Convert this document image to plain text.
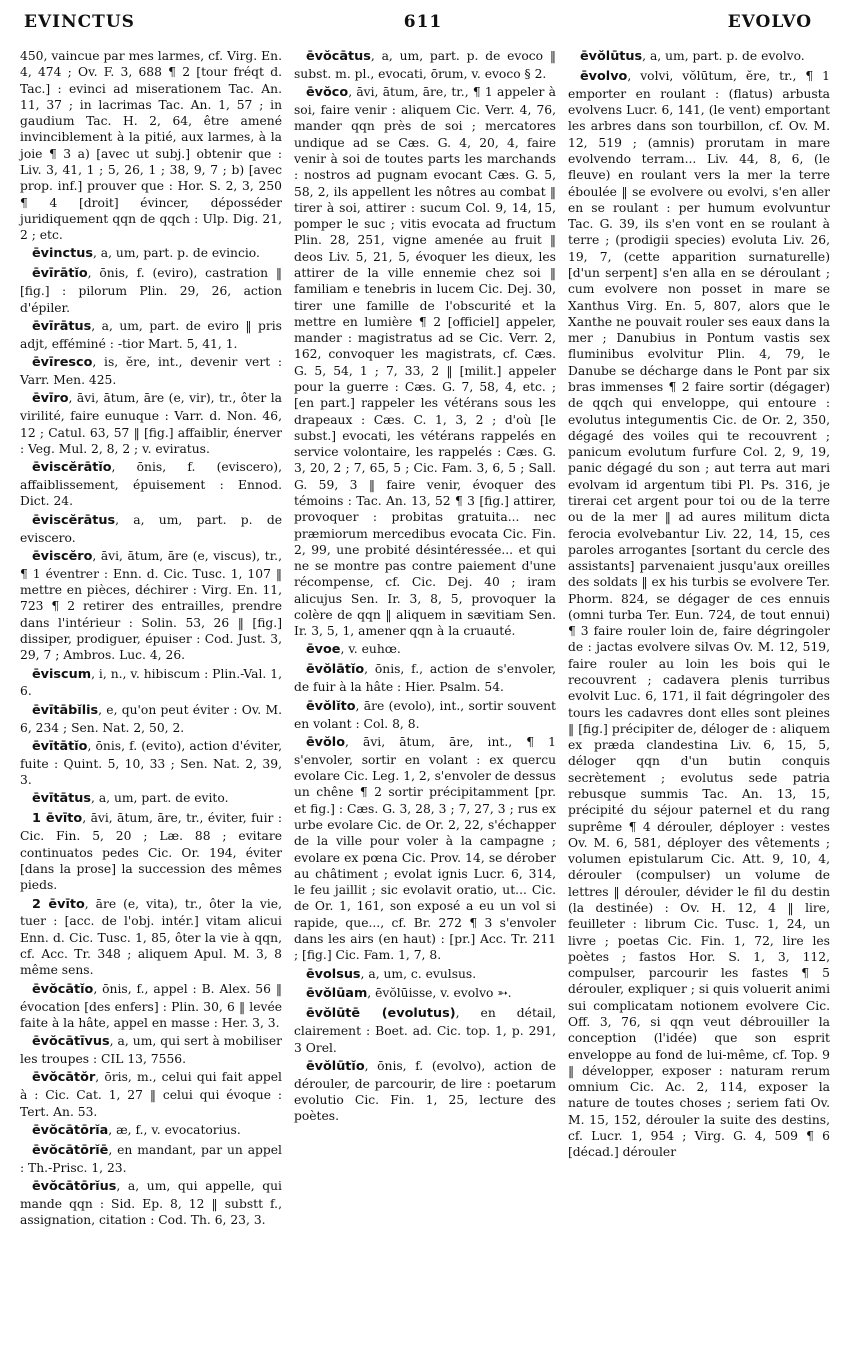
EVINCTUS	611	EVOLVO

450, vaincue par mes larmes, cf. Virg. En. 4, 474 ; Ov. F. 3, 688 ¶ 2 [tour fréqt d. Tac.] : evinci ad miserationem Tac. An. 11, 37 ; in lacrimas Tac. An. 1, 57 ; in gaudium Tac. H. 2, 64, être amené invinciblement à la pitié, aux larmes, à la joie ¶ 3 a) [avec ut subj.] obtenir que : Liv. 3, 41, 1 ; 5, 26, 1 ; 38, 9, 7 ; b) [avec prop. inf.] prouver que : Hor. S. 2, 3, 250 ¶ 4 [droit] évincer, déposséder juridiquement qqn de qqch : Ulp. Dig. 21, 2 ; etc.

ēvinctus, a, um, part. p. de evincio.

ēvīrātĭo, ōnis, f. (eviro), castration ‖ [fig.] : pilorum Plin. 29, 26, action d'épiler.

ēvīrātus, a, um, part. de eviro ‖ pris adjt, efféminé : -tior Mart. 5, 41, 1.

ēvīresco, is, ĕre, int., devenir vert : Varr. Men. 425.

ēvīro, āvi, ātum, āre (e, vir), tr., ôter la virilité, faire eunuque : Varr. d. Non. 46, 12 ; Catul. 63, 57 ‖ [fig.] affaiblir, énerver : Veg. Mul. 2, 8, 2 ; v. eviratus.

ēviscĕrātĭo, ōnis, f. (eviscero), affaiblissement, épuisement : Ennod. Dict. 24.

ēviscĕrātus, a, um, part. p. de eviscero.

ēviscĕro, āvi, ātum, āre (e, viscus), tr., ¶ 1 éventrer : Enn. d. Cic. Tusc. 1, 107 ‖ mettre en pièces, déchirer : Virg. En. 11, 723 ¶ 2 retirer des entrailles, prendre dans l'intérieur : Solin. 53, 26 ‖ [fig.] dissiper, prodiguer, épuiser : Cod. Just. 3, 29, 7 ; Ambros. Luc. 4, 26.

ēviscum, i, n., v. hibiscum : Plin.-Val. 1, 6.

ēvītābĭlis, e, qu'on peut éviter : Ov. M. 6, 234 ; Sen. Nat. 2, 50, 2.

ēvītātĭo, ōnis, f. (evito), action d'éviter, fuite : Quint. 5, 10, 33 ; Sen. Nat. 2, 39, 3.

ēvītātus, a, um, part. de evito.

1 ēvīto, āvi, ātum, āre, tr., éviter, fuir : Cic. Fin. 5, 20 ; Læ. 88 ; evitare continuatos pedes Cic. Or. 194, éviter [dans la prose] la succession des mêmes pieds.

2 ēvīto, āre (e, vita), tr., ôter la vie, tuer : [acc. de l'obj. intér.] vitam alicui Enn. d. Cic. Tusc. 1, 85, ôter la vie à qqn, cf. Acc. Tr. 348 ; aliquem Apul. M. 3, 8 même sens.

ēvŏcātĭo, ōnis, f., appel : B. Alex. 56 ‖ évocation [des enfers] : Plin. 30, 6 ‖ levée faite à la hâte, appel en masse : Her. 3, 3.

ēvŏcātīvus, a, um, qui sert à mobiliser les troupes : CIL 13, 7556.

ēvŏcātŏr, ōris, m., celui qui fait appel à : Cic. Cat. 1, 27 ‖ celui qui évoque : Tert. An. 53.

ēvŏcātōrĭa, æ, f., v. evocatorius.

ēvŏcātōrĭē, en mandant, par un appel : Th.-Prisc. 1, 23.

ēvŏcātōrĭus, a, um, qui appelle, qui mande qqn : Sid. Ep. 8, 12 ‖ substt f., assignation, citation : Cod. Th. 6, 23, 3.

ēvŏcātus, a, um, part. p. de evoco ‖ subst. m. pl., evocati, ōrum, v. evoco § 2.

ēvŏco, āvi, ātum, āre, tr., ¶ 1 appeler à soi, faire venir : aliquem Cic. Verr. 4, 76, mander qqn près de soi ; mercatores undique ad se Cæs. G. 4, 20, 4, faire venir à soi de toutes parts les marchands : nostros ad pugnam evocant Cæs. G. 5, 58, 2, ils appellent les nôtres au combat ‖ tirer à soi, attirer : sucum Col. 9, 14, 15, pomper le suc ; vitis evocata ad fructum Plin. 28, 251, vigne amenée au fruit ‖ deos Liv. 5, 21, 5, évoquer les dieux, les attirer de la ville ennemie chez soi ‖ familiam e tenebris in lucem Cic. Dej. 30, tirer une famille de l'obscurité et la mettre en lumière ¶ 2 [officiel] appeler, mander : magistratus ad se Cic. Verr. 2, 162, convoquer les magistrats, cf. Cæs. G. 5, 54, 1 ; 7, 33, 2 ‖ [milit.] appeler pour la guerre : Cæs. G. 7, 58, 4, etc. ; [en part.] rappeler les vétérans sous les drapeaux : Cæs. C. 1, 3, 2 ; d'où [le subst.] evocati, les vétérans rappelés en service volontaire, les rappelés : Cæs. G. 3, 20, 2 ; 7, 65, 5 ; Cic. Fam. 3, 6, 5 ; Sall. G. 59, 3 ‖ faire venir, évoquer des témoins : Tac. An. 13, 52 ¶ 3 [fig.] attirer, provoquer : probitas gratuita... nec præmiorum mercedibus evocata Cic. Fin. 2, 99, une probité désintéressée... et qui ne se montre pas contre paiement d'une récompense, cf. Cic. Dej. 40 ; iram alicujus Sen. Ir. 3, 8, 5, provoquer la colère de qqn ‖ aliquem in sævitiam Sen. Ir. 3, 5, 1, amener qqn à la cruauté.

ēvoe, v. euhœ.

ēvŏlātĭo, ōnis, f., action de s'envoler, de fuir à la hâte : Hier. Psalm. 54.

ēvŏlĭto, āre (evolo), int., sortir souvent en volant : Col. 8, 8.

ēvŏlo, āvi, ātum, āre, int., ¶ 1 s'envoler, sortir en volant : ex quercu evolare Cic. Leg. 1, 2, s'envoler de dessus un chêne ¶ 2 sortir précipitamment [pr. et fig.] : Cæs. G. 3, 28, 3 ; 7, 27, 3 ; rus ex urbe evolare Cic. de Or. 2, 22, s'échapper de la ville pour voler à la campagne ; evolare ex pœna Cic. Prov. 14, se dérober au châtiment ; evolat ignis Lucr. 6, 314, le feu jaillit ; sic evolavit oratio, ut... Cic. de Or. 1, 161, son exposé a eu un vol si rapide, que..., cf. Br. 272 ¶ 3 s'envoler dans les airs (en haut) : [pr.] Acc. Tr. 211 ; [fig.] Cic. Fam. 1, 7, 8.

ēvolsus, a, um, c. evulsus.

ēvŏlūam, ēvŏlūisse, v. evolvo ➳.

ēvŏlūtē (evolutus), en détail, clairement : Boet. ad. Cic. top. 1, p. 291, 3 Orel.

ēvŏlūtĭo, ōnis, f. (evolvo), action de dérouler, de parcourir, de lire : poetarum evolutio Cic. Fin. 1, 25, lecture des poètes.

ēvŏlūtus, a, um, part. p. de evolvo.

ēvolvo, volvi, vŏlūtum, ĕre, tr., ¶ 1 emporter en roulant : (flatus) arbusta evolvens Lucr. 6, 141, (le vent) emportant les arbres dans son tourbillon, cf. Ov. M. 12, 519 ; (amnis) prorutam in mare evolvendo terram... Liv. 44, 8, 6, (le fleuve) en roulant vers la mer la terre éboulée ‖ se evolvere ou evolvi, s'en aller en se roulant : per humum evolvuntur Tac. G. 39, ils s'en vont en se roulant à terre ; (prodigii species) evoluta Liv. 26, 19, 7, (cette apparition surnaturelle) [d'un serpent] s'en alla en se déroulant ; cum evolvere non posset in mare se Xanthus Virg. En. 5, 807, alors que le Xanthe ne pouvait rouler ses eaux dans la mer ; Danubius in Pontum vastis sex fluminibus evolvitur Plin. 4, 79, le Danube se décharge dans le Pont par six bras immenses ¶ 2 faire sortir (dégager) de qqch qui enveloppe, qui entoure : evolutus integumentis Cic. de Or. 2, 350, dégagé des voiles qui te recouvrent ; panicum evolutum furfure Col. 2, 9, 19, panic dégagé du son ; aut terra aut mari evolvam id argentum tibi Pl. Ps. 316, je tirerai cet argent pour toi ou de la terre ou de la mer ‖ ad aures militum dicta ferocia evolvebantur Liv. 22, 14, 15, ces paroles arrogantes [sortant du cercle des assistants] parvenaient jusqu'aux oreilles des soldats ‖ ex his turbis se evolvere Ter. Phorm. 824, se dégager de ces ennuis (omni turba Ter. Eun. 724, de tout ennui) ¶ 3 faire rouler loin de, faire dégringoler de : jactas evolvere silvas Ov. M. 12, 519, faire rouler au loin les bois qui le recouvrent ; cadavera plenis turribus evolvit Luc. 6, 171, il fait dégringoler des tours les cadavres dont elles sont pleines ‖ [fig.] précipiter de, déloger de : aliquem ex præda clandestina Liv. 6, 15, 5, déloger qqn d'un butin conquis secrètement ; evolutus sede patria rebusque summis Tac. An. 13, 15, précipité du séjour paternel et du rang suprême ¶ 4 dérouler, déployer : vestes Ov. M. 6, 581, déployer des vêtements ; volumen epistularum Cic. Att. 9, 10, 4, dérouler (compulser) un volume de lettres ‖ dérouler, dévider le fil du destin (la destinée) : Ov. H. 12, 4 ‖ lire, feuilleter : librum Cic. Tusc. 1, 24, un livre ; poetas Cic. Fin. 1, 72, lire les poètes ; fastos Hor. S. 1, 3, 112, compulser, parcourir les fastes ¶ 5 dérouler, expliquer ; si quis voluerit animi sui complicatam notionem evolvere Cic. Off. 3, 76, si qqn veut débrouiller la conception (l'idée) que son esprit enveloppe au fond de lui-même, cf. Top. 9 ‖ développer, exposer : naturam rerum omnium Cic. Ac. 2, 114, exposer la nature de toutes choses ; seriem fati Ov. M. 15, 152, dérouler la suite des destins, cf. Lucr. 1, 954 ; Virg. G. 4, 509 ¶ 6 [décad.] dérouler
